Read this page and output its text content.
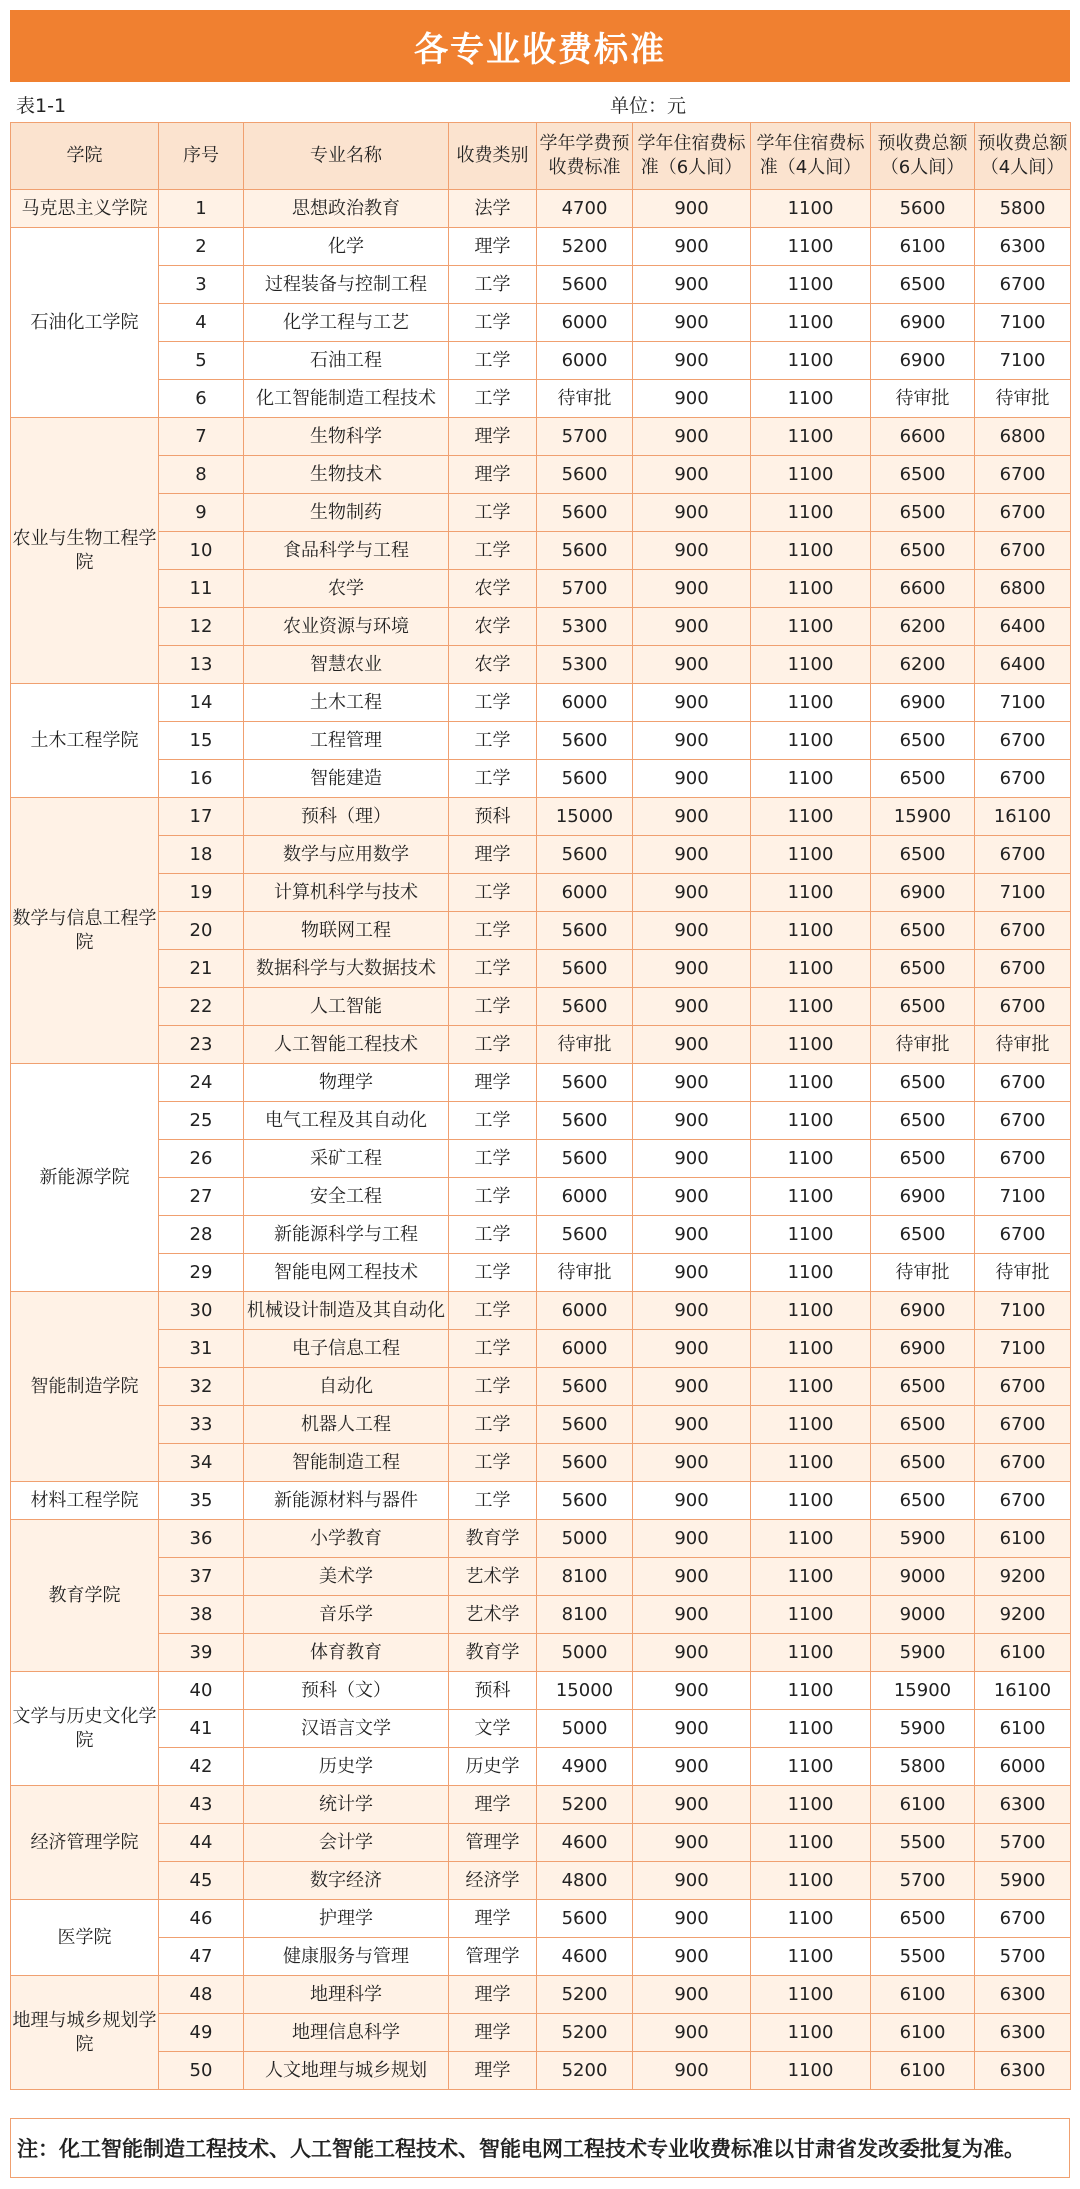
各专业收费标准
表1-1	单位：元
学院	序号	专业名称	收费类别	学年学费预收费标准	学年住宿费标准（6人间）	学年住宿费标准（4人间）	预收费总额（6人间）	预收费总额（4人间）
马克思主义学院	1	思想政治教育	法学	4700	900	1100	5600	5800
石油化工学院	2	化学	理学	5200	900	1100	6100	6300
	3	过程装备与控制工程	工学	5600	900	1100	6500	6700
	4	化学工程与工艺	工学	6000	900	1100	6900	7100
	5	石油工程	工学	6000	900	1100	6900	7100
	6	化工智能制造工程技术	工学	待审批	900	1100	待审批	待审批
农业与生物工程学院	7	生物科学	理学	5700	900	1100	6600	6800
	8	生物技术	理学	5600	900	1100	6500	6700
	9	生物制药	工学	5600	900	1100	6500	6700
	10	食品科学与工程	工学	5600	900	1100	6500	6700
	11	农学	农学	5700	900	1100	6600	6800
	12	农业资源与环境	农学	5300	900	1100	6200	6400
	13	智慧农业	农学	5300	900	1100	6200	6400
土木工程学院	14	土木工程	工学	6000	900	1100	6900	7100
	15	工程管理	工学	5600	900	1100	6500	6700
	16	智能建造	工学	5600	900	1100	6500	6700
数学与信息工程学院	17	预科（理）	预科	15000	900	1100	15900	16100
	18	数学与应用数学	理学	5600	900	1100	6500	6700
	19	计算机科学与技术	工学	6000	900	1100	6900	7100
	20	物联网工程	工学	5600	900	1100	6500	6700
	21	数据科学与大数据技术	工学	5600	900	1100	6500	6700
	22	人工智能	工学	5600	900	1100	6500	6700
	23	人工智能工程技术	工学	待审批	900	1100	待审批	待审批
新能源学院	24	物理学	理学	5600	900	1100	6500	6700
	25	电气工程及其自动化	工学	5600	900	1100	6500	6700
	26	采矿工程	工学	5600	900	1100	6500	6700
	27	安全工程	工学	6000	900	1100	6900	7100
	28	新能源科学与工程	工学	5600	900	1100	6500	6700
	29	智能电网工程技术	工学	待审批	900	1100	待审批	待审批
智能制造学院	30	机械设计制造及其自动化	工学	6000	900	1100	6900	7100
	31	电子信息工程	工学	6000	900	1100	6900	7100
	32	自动化	工学	5600	900	1100	6500	6700
	33	机器人工程	工学	5600	900	1100	6500	6700
	34	智能制造工程	工学	5600	900	1100	6500	6700
材料工程学院	35	新能源材料与器件	工学	5600	900	1100	6500	6700
教育学院	36	小学教育	教育学	5000	900	1100	5900	6100
	37	美术学	艺术学	8100	900	1100	9000	9200
	38	音乐学	艺术学	8100	900	1100	9000	9200
	39	体育教育	教育学	5000	900	1100	5900	6100
文学与历史文化学院	40	预科（文）	预科	15000	900	1100	15900	16100
	41	汉语言文学	文学	5000	900	1100	5900	6100
	42	历史学	历史学	4900	900	1100	5800	6000
经济管理学院	43	统计学	理学	5200	900	1100	6100	6300
	44	会计学	管理学	4600	900	1100	5500	5700
	45	数字经济	经济学	4800	900	1100	5700	5900
医学院	46	护理学	理学	5600	900	1100	6500	6700
	47	健康服务与管理	管理学	4600	900	1100	5500	5700
地理与城乡规划学院	48	地理科学	理学	5200	900	1100	6100	6300
	49	地理信息科学	理学	5200	900	1100	6100	6300
	50	人文地理与城乡规划	理学	5200	900	1100	6100	6300
注：化工智能制造工程技术、人工智能工程技术、智能电网工程技术专业收费标准以甘肃省发改委批复为准。
